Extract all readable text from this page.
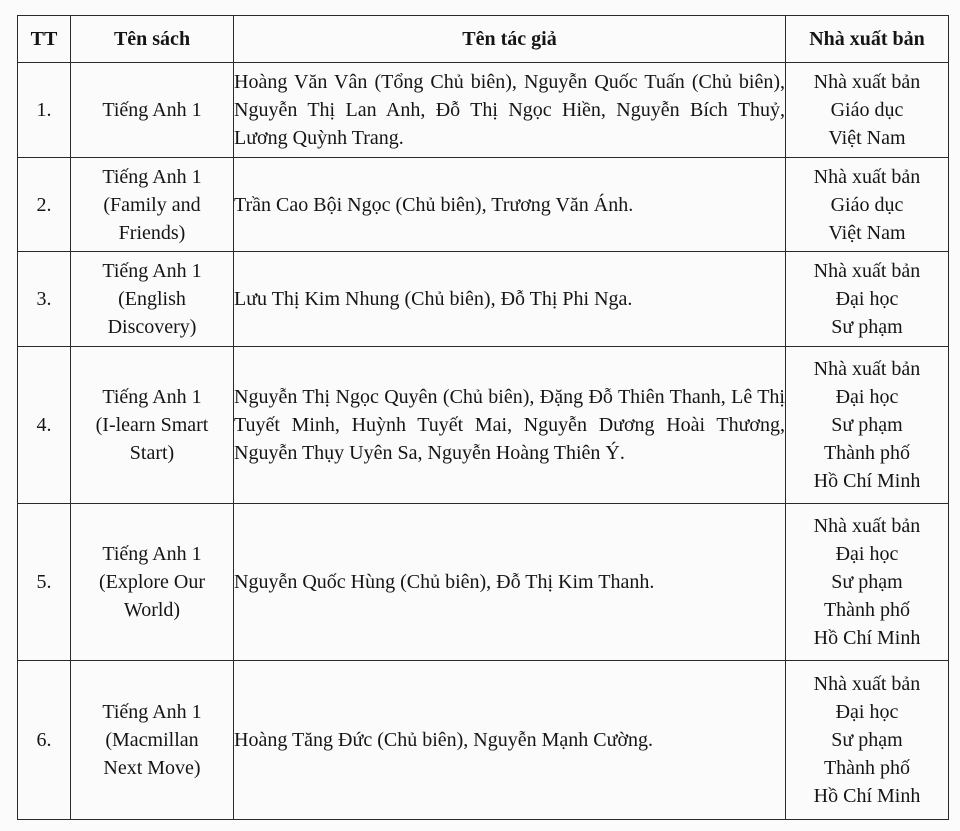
TT	Tên sách	Tên tác giả	Nhà xuất bản
1.	Tiếng Anh 1	Hoàng Văn Vân (Tổng Chủ biên), Nguyễn Quốc Tuấn (Chủ biên), Nguyễn Thị Lan Anh, Đỗ Thị Ngọc Hiền, Nguyễn Bích Thuỷ, Lương Quỳnh Trang.	Nhà xuất bản
Giáo dục
Việt Nam

2.	Tiếng Anh 1
(Family and
Friends)	Trần Cao Bội Ngọc (Chủ biên), Trương Văn Ánh.	Nhà xuất bản
Giáo dục
Việt Nam

3.	Tiếng Anh 1
(English
Discovery)	Lưu Thị Kim Nhung (Chủ biên), Đỗ Thị Phi Nga.	Nhà xuất bản
Đại học
Sư phạm

4.	Tiếng Anh 1
(I-learn Smart
Start)	Nguyễn Thị Ngọc Quyên (Chủ biên), Đặng Đỗ Thiên Thanh, Lê Thị Tuyết Minh, Huỳnh Tuyết Mai, Nguyễn Dương Hoài Thương, Nguyễn Thụy Uyên Sa, Nguyễn Hoàng Thiên Ý.	Nhà xuất bản
Đại học
Sư phạm
Thành phố
Hồ Chí Minh

5.	Tiếng Anh 1
(Explore Our
World)	Nguyễn Quốc Hùng (Chủ biên), Đỗ Thị Kim Thanh.	Nhà xuất bản
Đại học
Sư phạm
Thành phố
Hồ Chí Minh

6.	Tiếng Anh 1
(Macmillan
Next Move)	Hoàng Tăng Đức (Chủ biên), Nguyễn Mạnh Cường.	Nhà xuất bản
Đại học
Sư phạm
Thành phố
Hồ Chí Minh
